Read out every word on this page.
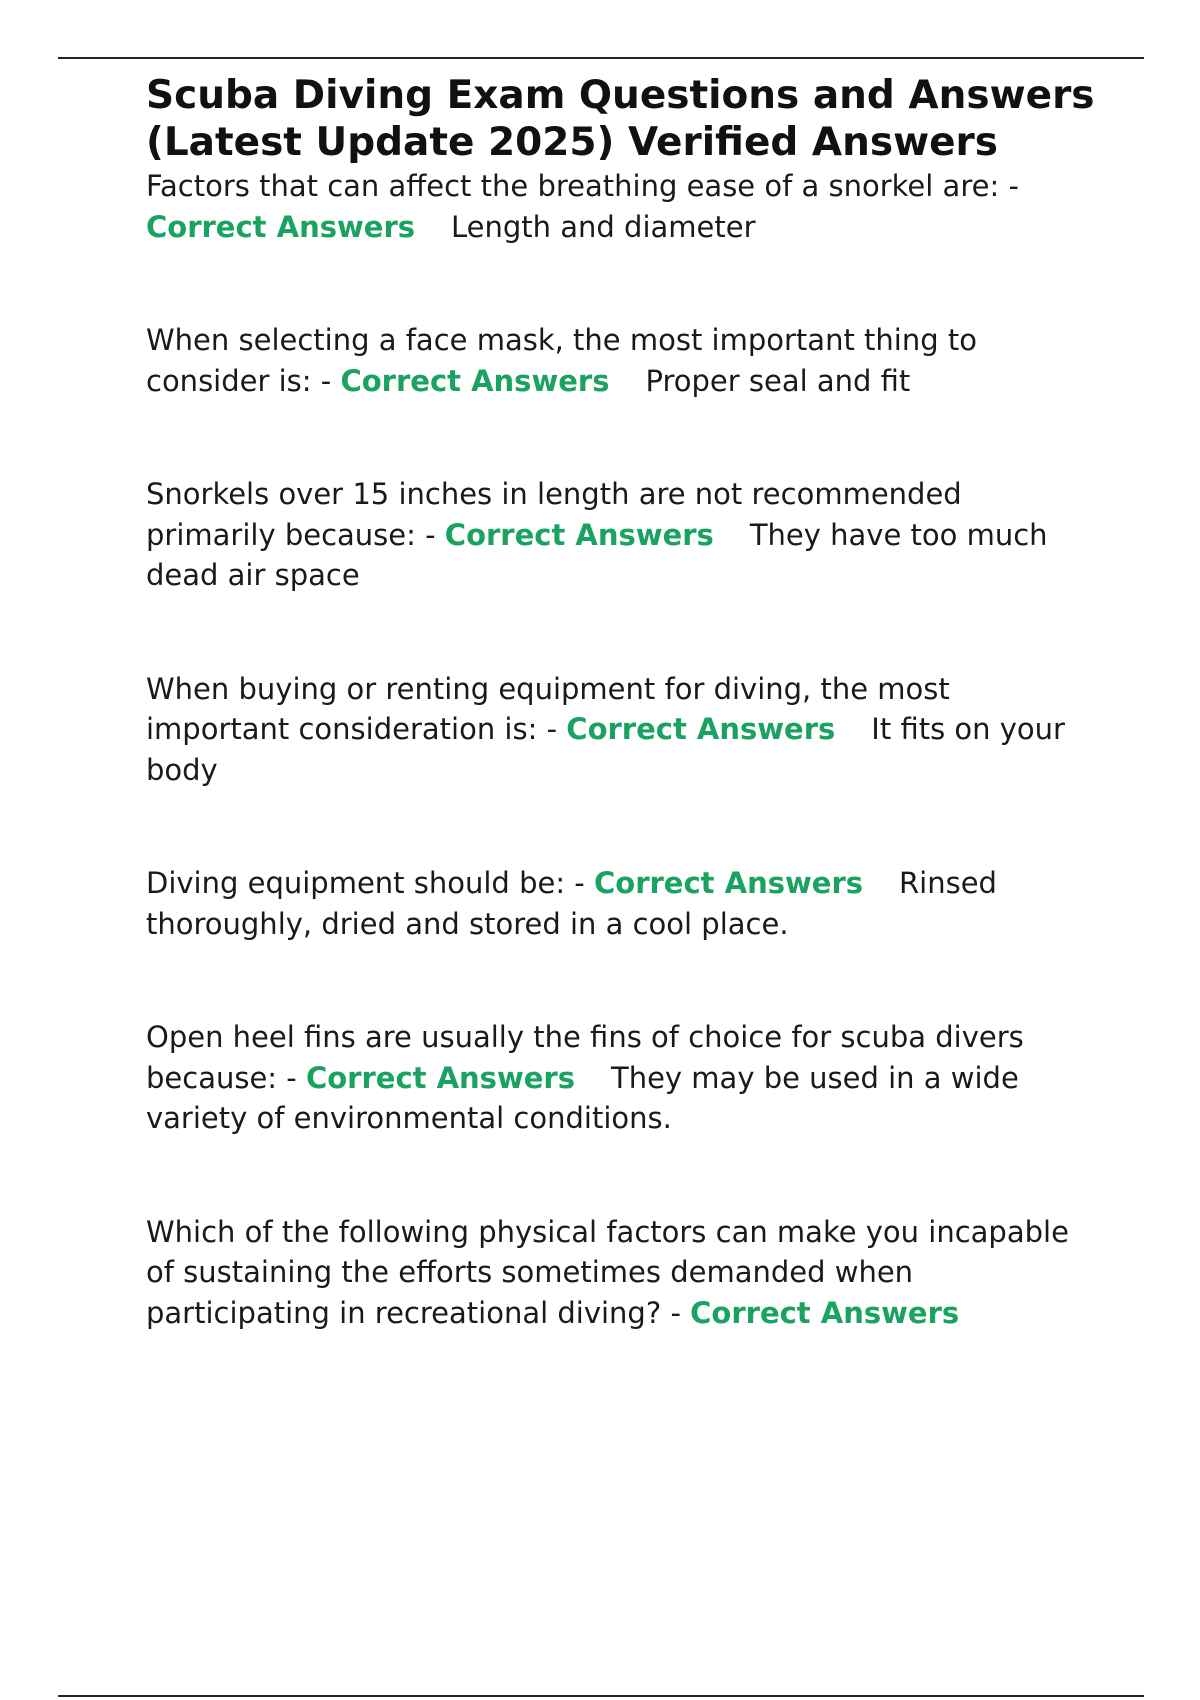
Scuba Diving Exam Questions and Answers (Latest Update 2025) Verified Answers

Factors that can affect the breathing ease of a snorkel are: - Correct Answers Length and diameter

When selecting a face mask, the most important thing to consider is: - Correct Answers Proper seal and fit

Snorkels over 15 inches in length are not recommended primarily because: - Correct Answers They have too much dead air space

When buying or renting equipment for diving, the most important consideration is: - Correct Answers It fits on your body

Diving equipment should be: - Correct Answers Rinsed thoroughly, dried and stored in a cool place.

Open heel fins are usually the fins of choice for scuba divers because: - Correct Answers They may be used in a wide variety of environmental conditions.

Which of the following physical factors can make you incapable of sustaining the efforts sometimes demanded when participating in recreational diving? - Correct Answers
